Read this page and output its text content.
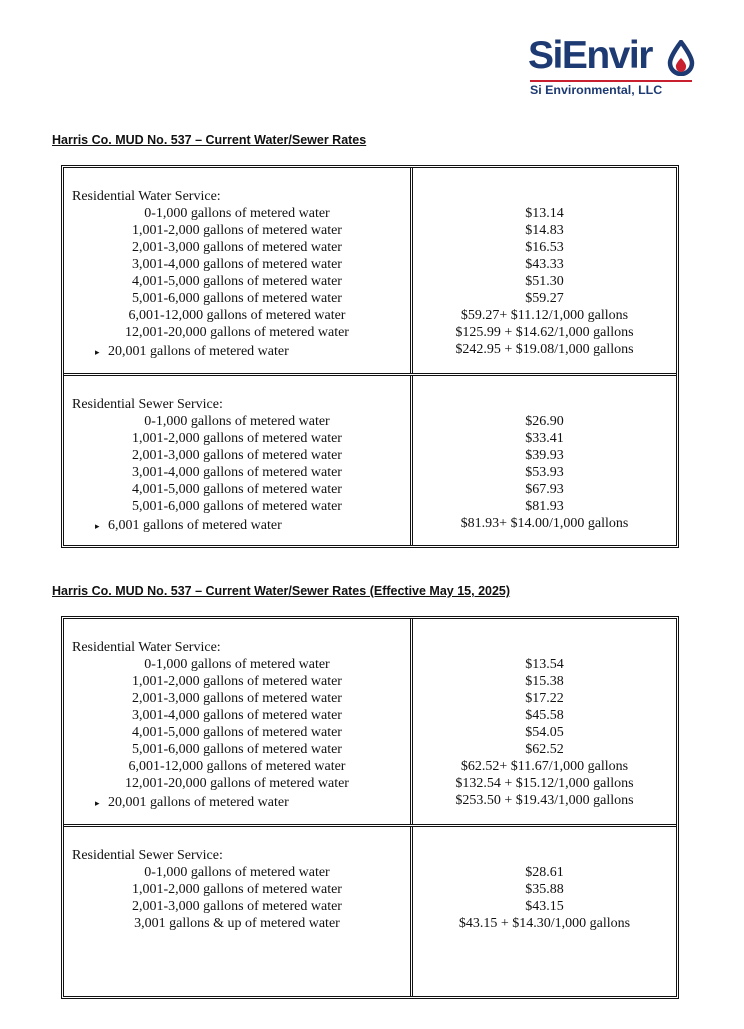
SiEnvir
Si Environmental, LLC
Harris Co. MUD No. 537 – Current Water/Sewer Rates
Residential Water Service:
0-1,000 gallons of metered water
1,001-2,000 gallons of metered water
2,001-3,000 gallons of metered water
3,001-4,000 gallons of metered water
4,001-5,000 gallons of metered water
5,001-6,000 gallons of metered water
6,001-12,000 gallons of metered water
12,001-20,000 gallons of metered water
▸ 20,001 gallons of metered water
$13.14
$14.83
$16.53
$43.33
$51.30
$59.27
$59.27+ $11.12/1,000 gallons
$125.99 + $14.62/1,000 gallons
$242.95 + $19.08/1,000 gallons
Residential Sewer Service:
0-1,000 gallons of metered water
1,001-2,000 gallons of metered water
2,001-3,000 gallons of metered water
3,001-4,000 gallons of metered water
4,001-5,000 gallons of metered water
5,001-6,000 gallons of metered water
▸ 6,001 gallons of metered water
$26.90
$33.41
$39.93
$53.93
$67.93
$81.93
$81.93+ $14.00/1,000 gallons
Harris Co. MUD No. 537 – Current Water/Sewer Rates (Effective May 15, 2025)
Residential Water Service:
0-1,000 gallons of metered water
1,001-2,000 gallons of metered water
2,001-3,000 gallons of metered water
3,001-4,000 gallons of metered water
4,001-5,000 gallons of metered water
5,001-6,000 gallons of metered water
6,001-12,000 gallons of metered water
12,001-20,000 gallons of metered water
▸ 20,001 gallons of metered water
$13.54
$15.38
$17.22
$45.58
$54.05
$62.52
$62.52+ $11.67/1,000 gallons
$132.54 + $15.12/1,000 gallons
$253.50 + $19.43/1,000 gallons
Residential Sewer Service:
0-1,000 gallons of metered water
1,001-2,000 gallons of metered water
2,001-3,000 gallons of metered water
3,001 gallons & up of metered water
$28.61
$35.88
$43.15
$43.15 + $14.30/1,000 gallons
